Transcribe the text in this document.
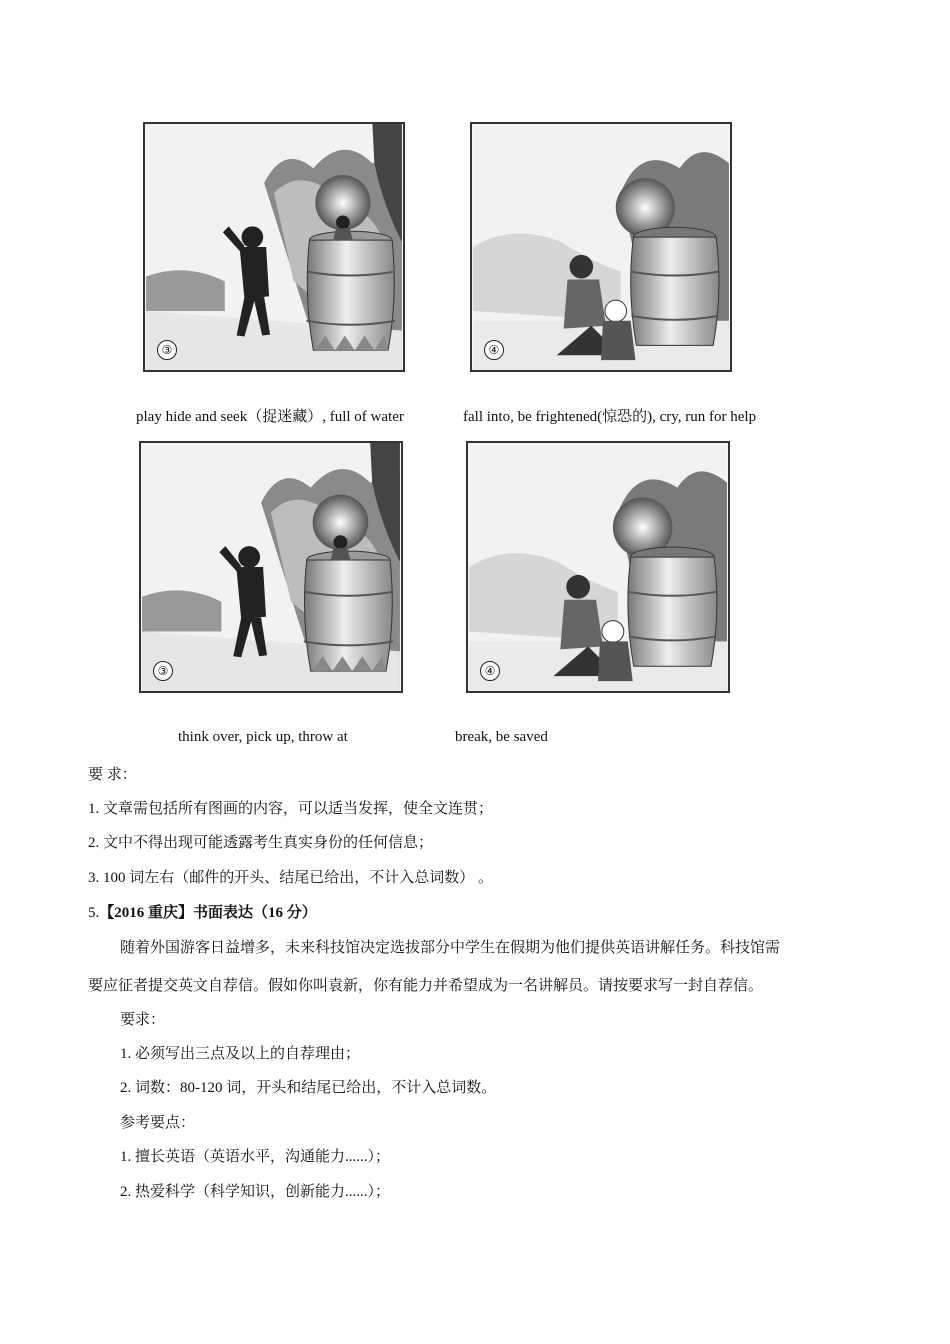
③	④
play hide and seek（捉迷藏）, full of water	fall into, be frightened(惊恐的), cry, run for help
③	④
think over, pick up, throw at	break, be saved
要 求：
1. 文章需包括所有图画的内容，可以适当发挥，使全文连贯；
2. 文中不得出现可能透露考生真实身份的任何信息；
3. 100 词左右（邮件的开头、结尾已给出，不计入总词数） 。
5.【2016 重庆】书面表达（16 分）
随着外国游客日益增多，未来科技馆决定选拔部分中学生在假期为他们提供英语讲解任务。科技馆需
要应征者提交英文自荐信。假如你叫袁新，你有能力并希望成为一名讲解员。请按要求写一封自荐信。
要求：
1. 必须写出三点及以上的自荐理由；
2. 词数：80-120 词，开头和结尾已给出，不计入总词数。
参考要点：
1. 擅长英语（英语水平，沟通能力......）；
2. 热爱科学（科学知识，创新能力......）；
